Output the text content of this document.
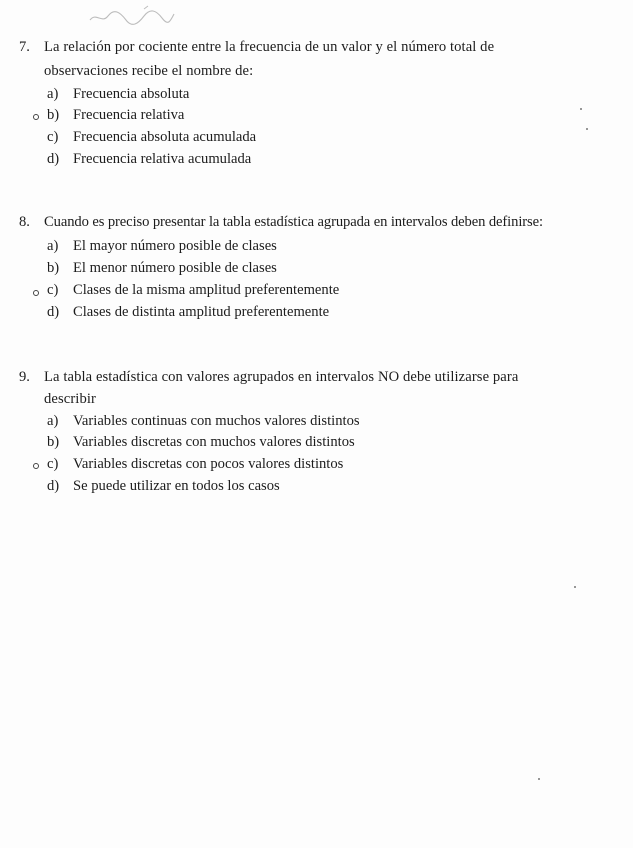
7. La relación por cociente entre la frecuencia de un valor y el número total de
observaciones recibe el nombre de:
a) Frecuencia absoluta
b) Frecuencia relativa
c) Frecuencia absoluta acumulada
d) Frecuencia relativa acumulada
8. Cuando es preciso presentar la tabla estadística agrupada en intervalos deben definirse:
a) El mayor número posible de clases
b) El menor número posible de clases
c) Clases de la misma amplitud preferentemente
d) Clases de distinta amplitud preferentemente
9. La tabla estadística con valores agrupados en intervalos NO debe utilizarse para
describir
a) Variables continuas con muchos valores distintos
b) Variables discretas con muchos valores distintos
c) Variables discretas con pocos valores distintos
d) Se puede utilizar en todos los casos
